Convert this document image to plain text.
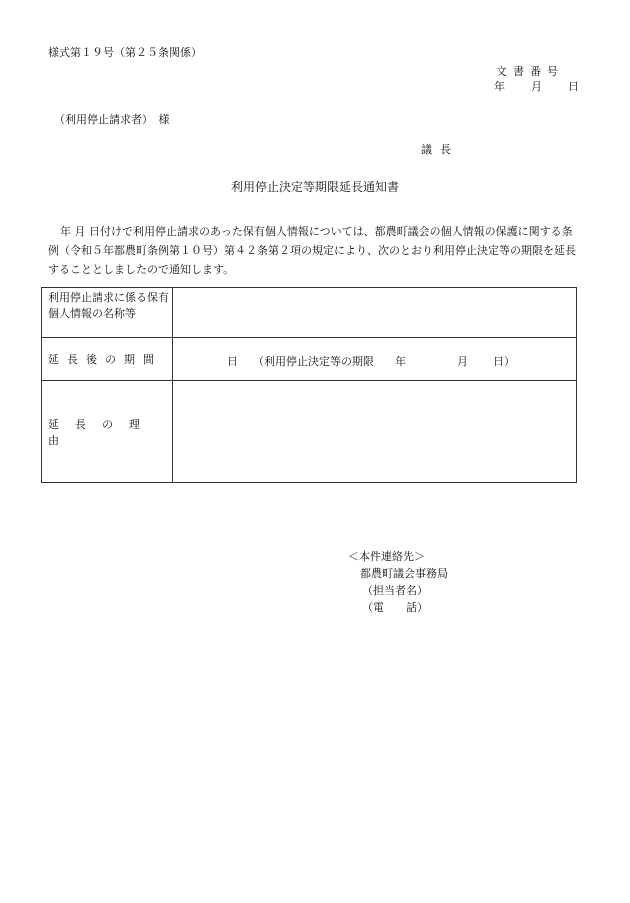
様式第１９号（第２５条関係）
文書番号
年 月 日
（利用停止請求者）　様
議長
利用停止決定等期限延長通知書
年 月 日付けで利用停止請求のあった保有個人情報については、都農町議会の個人情報の保護に関する条例（令和５年都農町条例第１０号）第４２条第２項の規定により、次のとおり利用停止決定等の期限を延長することとしましたので通知します。
利用停止請求に係る保有個人情報の名称等	
延長後の期間	日 （利用停止決定等の期限 年 月 日）

延長の理由	
＜本件連絡先＞
都農町議会事務局
（担当者名）
（電　　話）
